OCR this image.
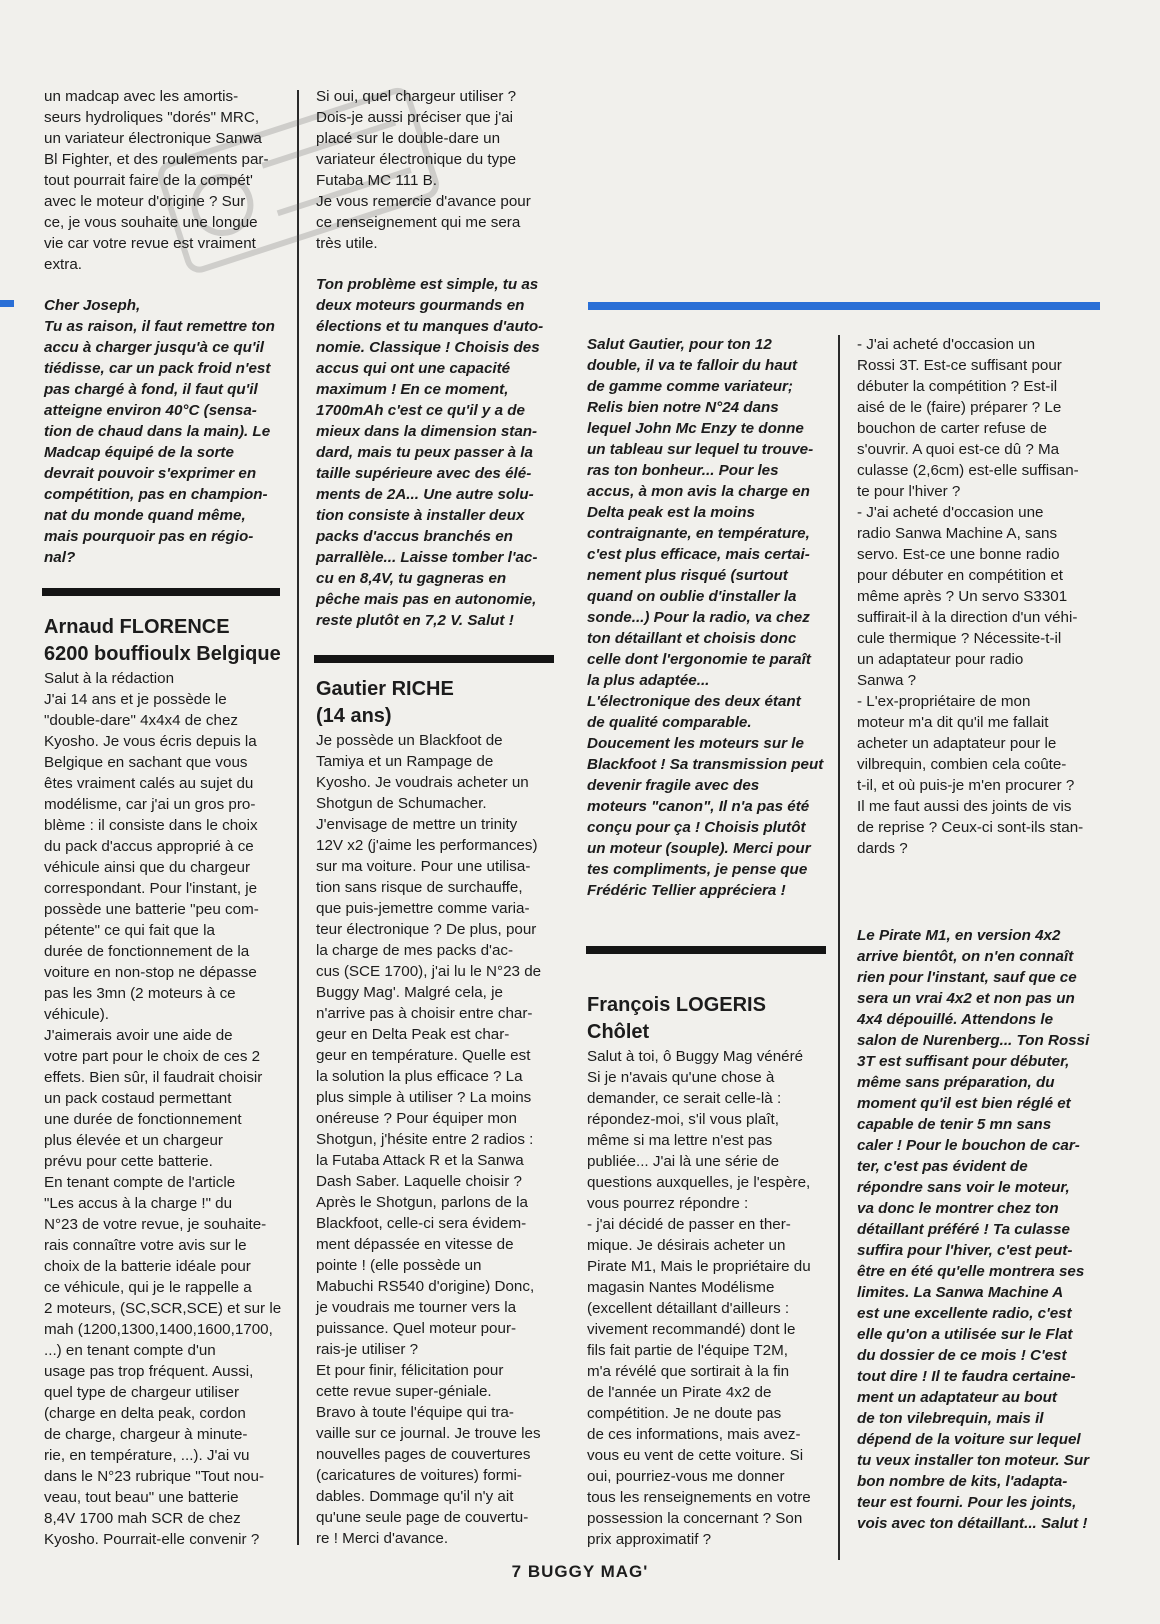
un madcap avec les amortis-
seurs hydroliques "dorés" MRC,
un variateur électronique Sanwa
Bl Fighter, et des roulements par-
tout pourrait faire de la compét'
avec le moteur d'origine ? Sur
ce, je vous souhaite une longue
vie car votre revue est vraiment
extra.

Cher Joseph,
Tu as raison, il faut remettre ton
accu à charger jusqu'à ce qu'il
tiédisse, car un pack froid n'est
pas chargé à fond, il faut qu'il
atteigne environ 40°C (sensa-
tion de chaud dans la main). Le
Madcap équipé de la sorte
devrait pouvoir s'exprimer en
compétition, pas en champion-
nat du monde quand même,
mais pourquoir pas en régio-
nal?

Arnaud FLORENCE
6200 bouffioulx Belgique

Salut à la rédaction
J'ai 14 ans et je possède le
"double-dare" 4x4x4 de chez
Kyosho. Je vous écris depuis la
Belgique en sachant que vous
êtes vraiment calés au sujet du
modélisme, car j'ai un gros pro-
blème : il consiste dans le choix
du pack d'accus approprié à ce
véhicule ainsi que du chargeur
correspondant. Pour l'instant, je
possède une batterie "peu com-
pétente" ce qui fait que la
durée de fonctionnement de la
voiture en non-stop ne dépasse
pas les 3mn (2 moteurs à ce
véhicule).
J'aimerais avoir une aide de
votre part pour le choix de ces 2
effets. Bien sûr, il faudrait choisir
un pack costaud permettant
une durée de fonctionnement
plus élevée et un chargeur
prévu pour cette batterie.
En tenant compte de l'article
"Les accus à la charge !" du
N°23 de votre revue, je souhaite-
rais connaître votre avis sur le
choix de la batterie idéale pour
ce véhicule, qui je le rappelle a
2 moteurs, (SC,SCR,SCE) et sur le
mah (1200,1300,1400,1600,1700,
...) en tenant compte d'un
usage pas trop fréquent. Aussi,
quel type de chargeur utiliser
(charge en delta peak, cordon
de charge, chargeur à minute-
rie, en température, ...). J'ai vu
dans le N°23 rubrique "Tout nou-
veau, tout beau" une batterie
8,4V 1700 mah SCR de chez
Kyosho. Pourrait-elle convenir ?

Si oui, quel chargeur utiliser ?
Dois-je aussi préciser que j'ai
placé sur le double-dare un
variateur électronique du type
Futaba MC 111 B.
Je vous remercie d'avance pour
ce renseignement qui me sera
très utile.

Ton problème est simple, tu as
deux moteurs gourmands en
élections et tu manques d'auto-
nomie. Classique ! Choisis des
accus qui ont une capacité
maximum ! En ce moment,
1700mAh c'est ce qu'il y a de
mieux dans la dimension stan-
dard, mais tu peux passer à la
taille supérieure avec des élé-
ments de 2A... Une autre solu-
tion consiste à installer deux
packs d'accus branchés en
parrallèle... Laisse tomber l'ac-
cu en 8,4V, tu gagneras en
pêche mais pas en autonomie,
reste plutôt en 7,2 V. Salut !

Gautier RICHE
(14 ans)

Je possède un Blackfoot de
Tamiya et un Rampage de
Kyosho. Je voudrais acheter un
Shotgun de Schumacher.
J'envisage de mettre un trinity
12V x2 (j'aime les performances)
sur ma voiture. Pour une utilisa-
tion sans risque de surchauffe,
que puis-jemettre comme varia-
teur électronique ? De plus, pour
la charge de mes packs d'ac-
cus (SCE 1700), j'ai lu le N°23 de
Buggy Mag'. Malgré cela, je
n'arrive pas à choisir entre char-
geur en Delta Peak est char-
geur en température. Quelle est
la solution la plus efficace ? La
plus simple à utiliser ? La moins
onéreuse ? Pour équiper mon
Shotgun, j'hésite entre 2 radios :
la Futaba Attack R et la Sanwa
Dash Saber. Laquelle choisir ?
Après le Shotgun, parlons de la
Blackfoot, celle-ci sera évidem-
ment dépassée en vitesse de
pointe ! (elle possède un
Mabuchi RS540 d'origine) Donc,
je voudrais me tourner vers la
puissance. Quel moteur pour-
rais-je utiliser ?
Et pour finir, félicitation pour
cette revue super-géniale.
Bravo à toute l'équipe qui tra-
vaille sur ce journal. Je trouve les
nouvelles pages de couvertures
(caricatures de voitures) formi-
dables. Dommage qu'il n'y ait
qu'une seule page de couvertu-
re ! Merci d'avance.

Salut Gautier, pour ton 12
double, il va te falloir du haut
de gamme comme variateur;
Relis bien notre N°24 dans
lequel John Mc Enzy te donne
un tableau sur lequel tu trouve-
ras ton bonheur... Pour les
accus, à mon avis la charge en
Delta peak est la moins
contraignante, en température,
c'est plus efficace, mais certai-
nement plus risqué (surtout
quand on oublie d'installer la
sonde...) Pour la radio, va chez
ton détaillant et choisis donc
celle dont l'ergonomie te paraît
la plus adaptée...
L'électronique des deux étant
de qualité comparable.
Doucement les moteurs sur le
Blackfoot ! Sa transmission peut
devenir fragile avec des
moteurs "canon", Il n'a pas été
conçu pour ça ! Choisis plutôt
un moteur (souple). Merci pour
tes compliments, je pense que
Frédéric Tellier appréciera !

François LOGERIS
Chôlet

Salut à toi, ô Buggy Mag vénéré
Si je n'avais qu'une chose à
demander, ce serait celle-là :
répondez-moi, s'il vous plaît,
même si ma lettre n'est pas
publiée... J'ai là une série de
questions auxquelles, je l'espère,
vous pourrez répondre :
- j'ai décidé de passer en ther-
mique. Je désirais acheter un
Pirate M1, Mais le propriétaire du
magasin Nantes Modélisme
(excellent détaillant d'ailleurs :
vivement recommandé) dont le
fils fait partie de l'équipe T2M,
m'a révélé que sortirait à la fin
de l'année un Pirate 4x2 de
compétition. Je ne doute pas
de ces informations, mais avez-
vous eu vent de cette voiture. Si
oui, pourriez-vous me donner
tous les renseignements en votre
possession la concernant ? Son
prix approximatif ?

- J'ai acheté d'occasion un
Rossi 3T. Est-ce suffisant pour
débuter la compétition ? Est-il
aisé de le (faire) préparer ? Le
bouchon de carter refuse de
s'ouvrir. A quoi est-ce dû ? Ma
culasse (2,6cm) est-elle suffisan-
te pour l'hiver ?
- J'ai acheté d'occasion une
radio Sanwa Machine A, sans
servo. Est-ce une bonne radio
pour débuter en compétition et
même après ? Un servo S3301
suffirait-il à la direction d'un véhi-
cule thermique ? Nécessite-t-il
un adaptateur pour radio
Sanwa ?
- L'ex-propriétaire de mon
moteur m'a dit qu'il me fallait
acheter un adaptateur pour le
vilbrequin, combien cela coûte-
t-il, et où puis-je m'en procurer ?
Il me faut aussi des joints de vis
de reprise ? Ceux-ci sont-ils stan-
dards ?

Le Pirate M1, en version 4x2
arrive bientôt, on n'en connaît
rien pour l'instant, sauf que ce
sera un vrai 4x2 et non pas un
4x4 dépouillé. Attendons le
salon de Nurenberg... Ton Rossi
3T est suffisant pour débuter,
même sans préparation, du
moment qu'il est bien réglé et
capable de tenir 5 mn sans
caler ! Pour le bouchon de car-
ter, c'est pas évident de
répondre sans voir le moteur,
va donc le montrer chez ton
détaillant préféré ! Ta culasse
suffira pour l'hiver, c'est peut-
être en été qu'elle montrera ses
limites. La Sanwa Machine A
est une excellente radio, c'est
elle qu'on a utilisée sur le Flat
du dossier de ce mois ! C'est
tout dire ! Il te faudra certaine-
ment un adaptateur au bout
de ton vilebrequin, mais il
dépend de la voiture sur lequel
tu veux installer ton moteur. Sur
bon nombre de kits, l'adapta-
teur est fourni. Pour les joints,
vois avec ton détaillant... Salut !

7 BUGGY MAG'
